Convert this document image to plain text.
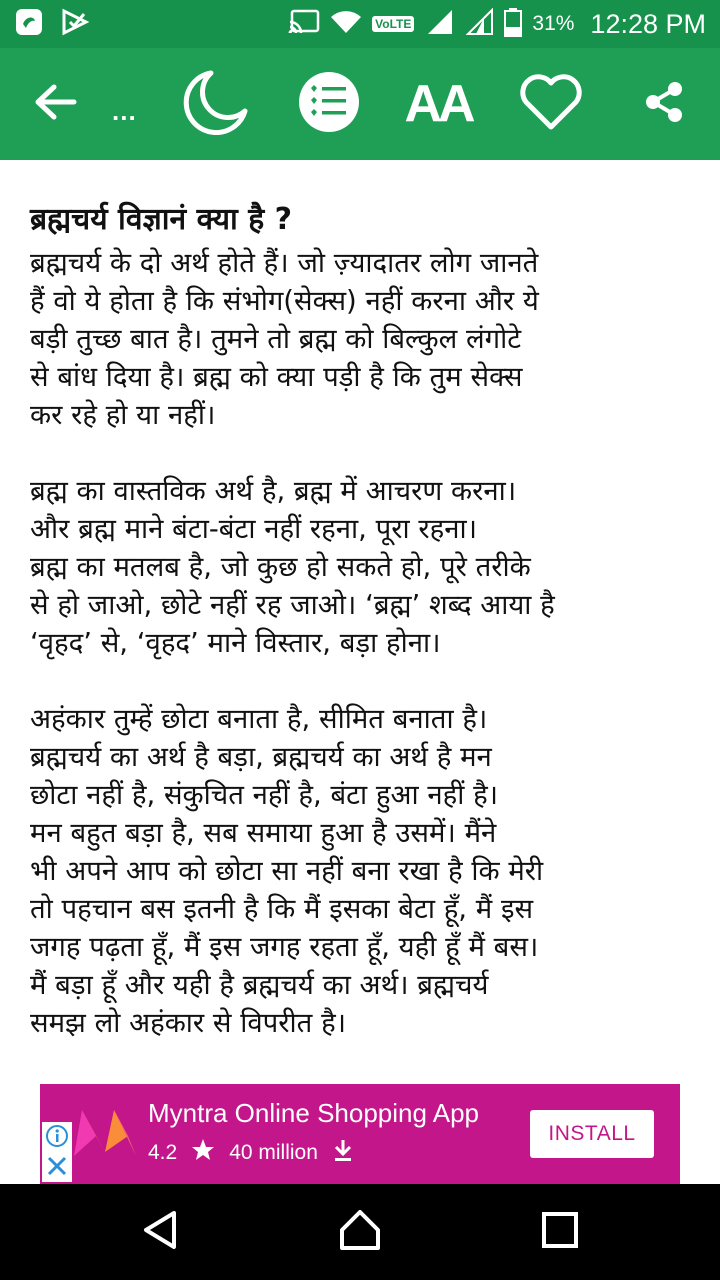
VoLTE	31% 12:28 PM
...	AA
ब्रह्मचर्य विज्ञानं क्या है ?
ब्रह्मचर्य के दो अर्थ होते हैं। जो ज़्यादातर लोग जानते
हैं वो ये होता है कि संभोग(सेक्स) नहीं करना और ये
बड़ी तुच्छ बात है। तुमने तो ब्रह्म को बिल्कुल लंगोटे
से बांध दिया है। ब्रह्म को क्या पड़ी है कि तुम सेक्स
कर रहे हो या नहीं।
ब्रह्म का वास्तविक अर्थ है, ब्रह्म में आचरण करना।
और ब्रह्म माने बंटा-बंटा नहीं रहना, पूरा रहना।
ब्रह्म का मतलब है, जो कुछ हो सकते हो, पूरे तरीके
से हो जाओ, छोटे नहीं रह जाओ। ‘ब्रह्म’ शब्द आया है
‘वृहद’ से, ‘वृहद’ माने विस्तार, बड़ा होना।
अहंकार तुम्हें छोटा बनाता है, सीमित बनाता है।
ब्रह्मचर्य का अर्थ है बड़ा, ब्रह्मचर्य का अर्थ है मन
छोटा नहीं है, संकुचित नहीं है, बंटा हुआ नहीं है।
मन बहुत बड़ा है, सब समाया हुआ है उसमें। मैंने
भी अपने आप को छोटा सा नहीं बना रखा है कि मेरी
तो पहचान बस इतनी है कि मैं इसका बेटा हूँ, मैं इस
जगह पढ़ता हूँ, मैं इस जगह रहता हूँ, यही हूँ मैं बस।
मैं बड़ा हूँ और यही है ब्रह्मचर्य का अर्थ। ब्रह्मचर्य
समझ लो अहंकार से विपरीत है।
Myntra Online Shopping App
4.2 40 million
INSTALL
